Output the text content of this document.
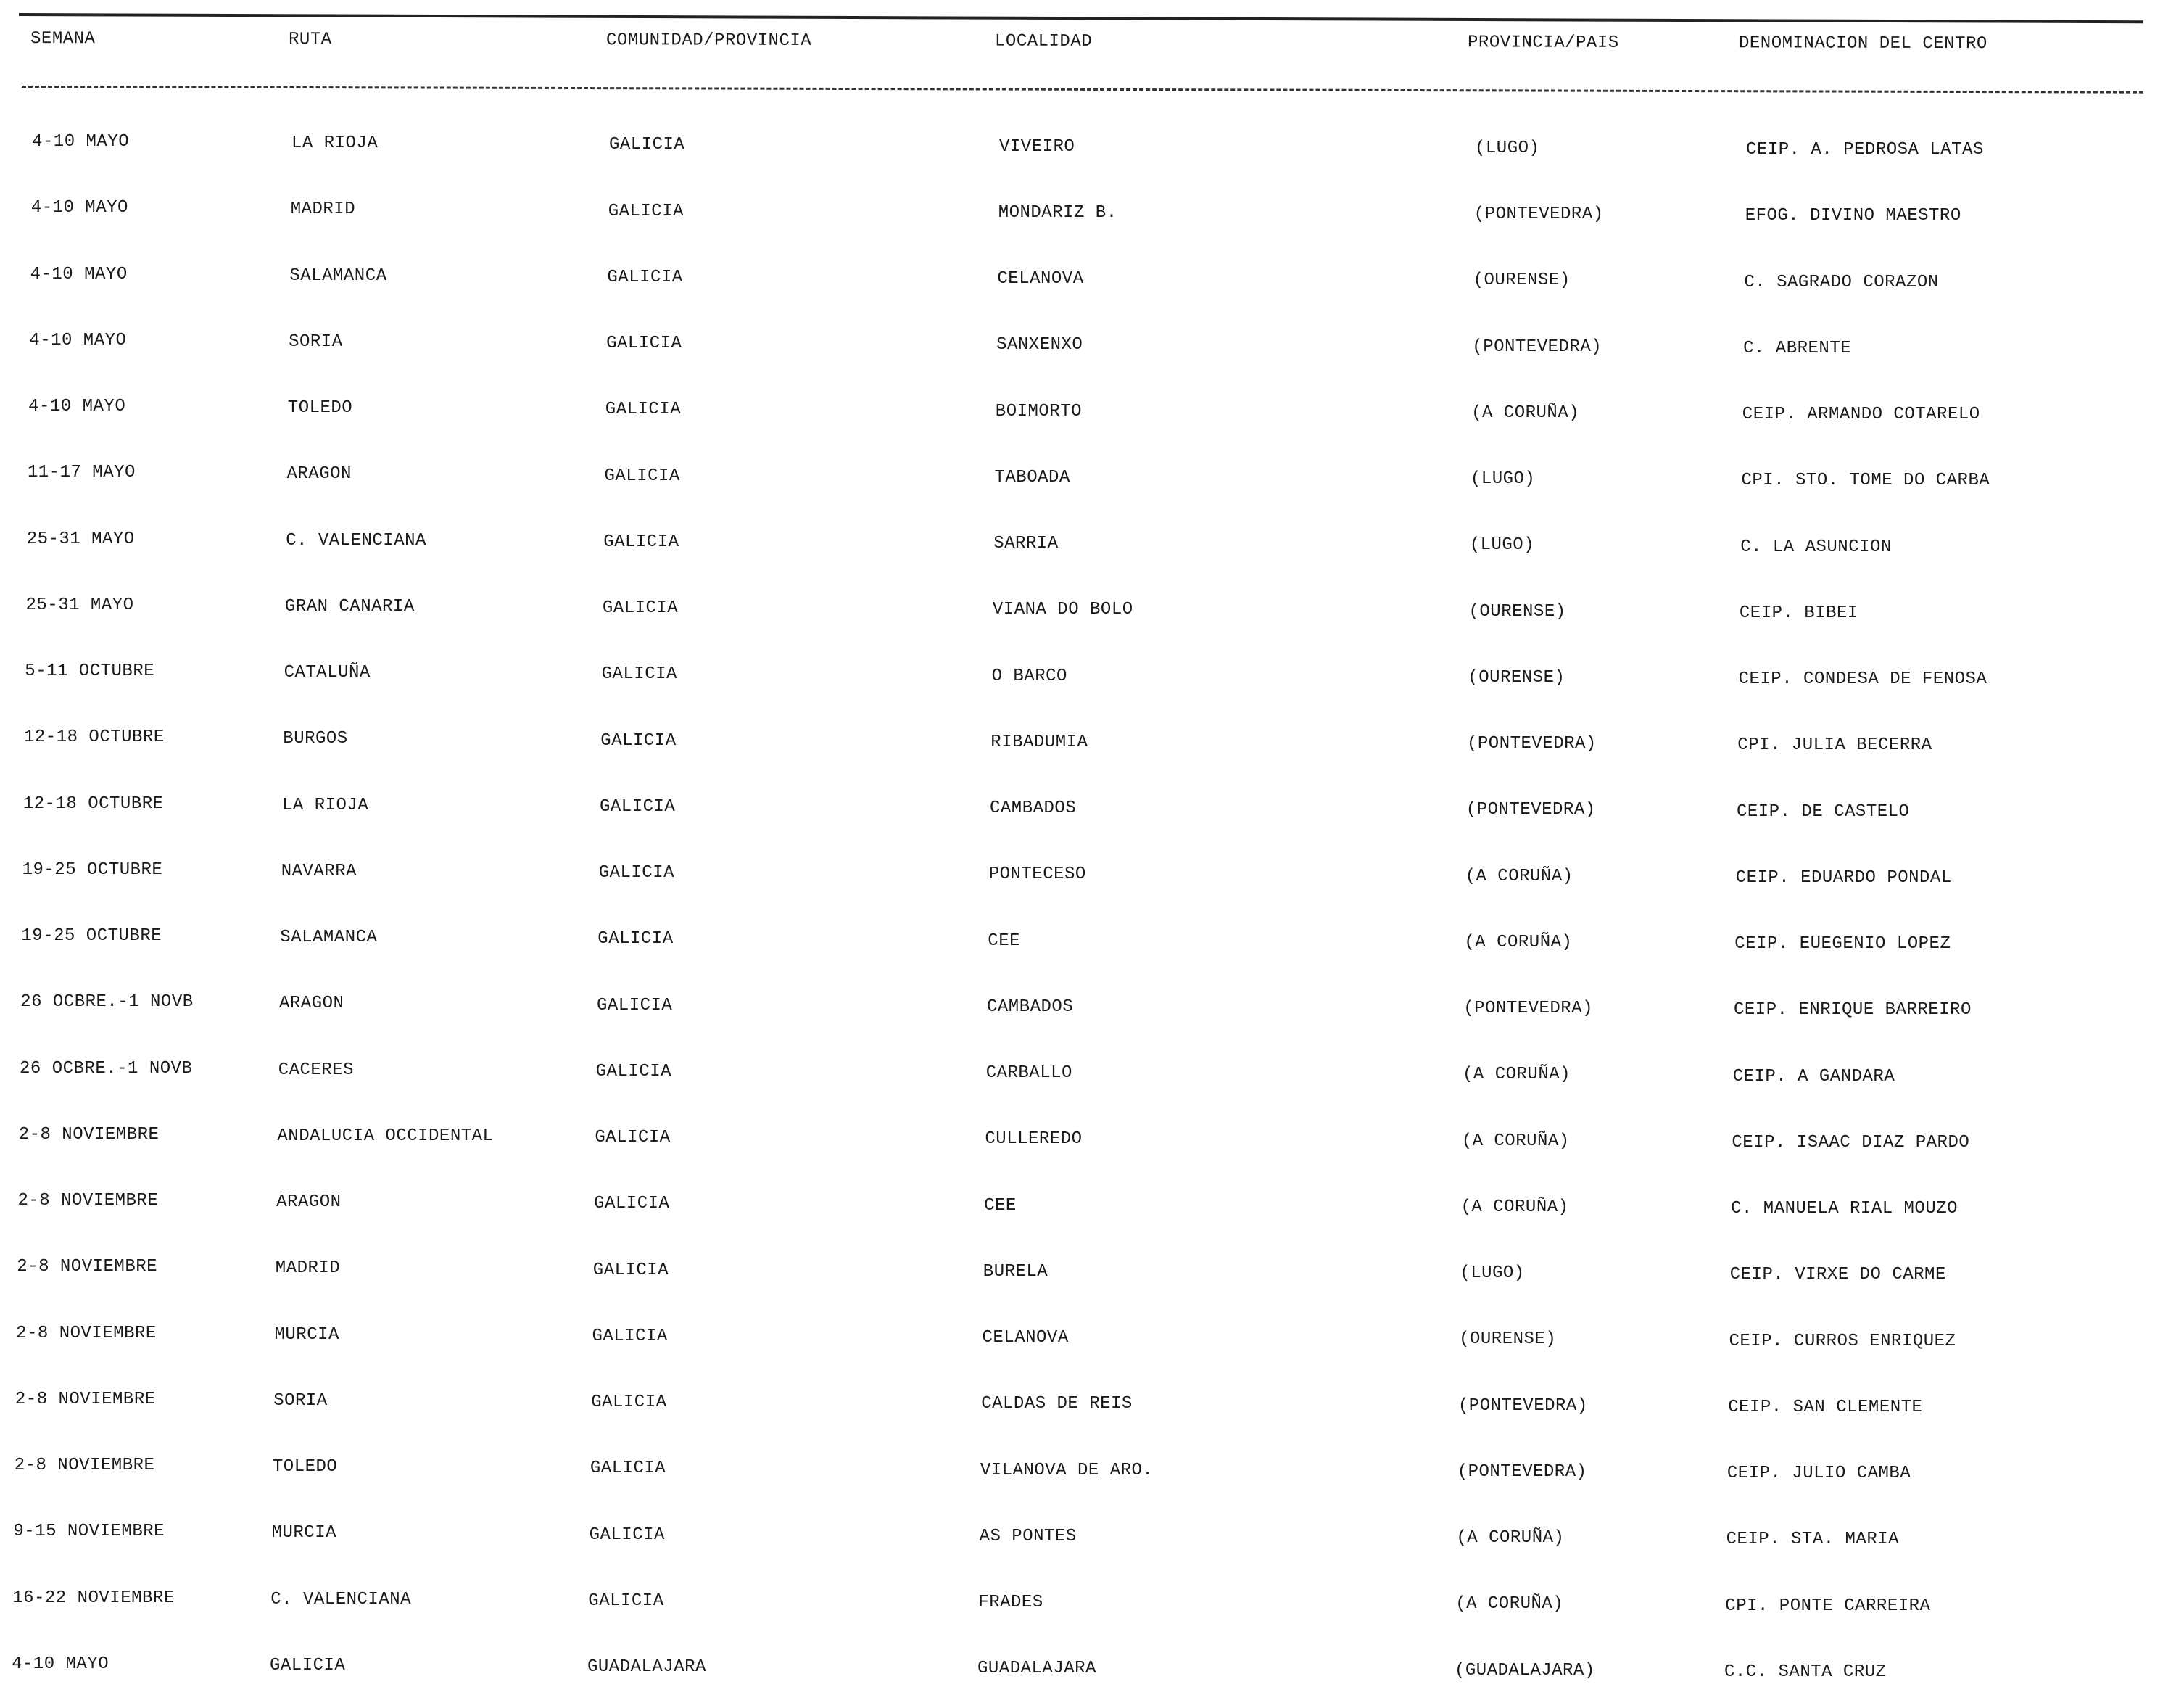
SEMANA	RUTA	COMUNIDAD/PROVINCIA	LOCALIDAD	PROVINCIA/PAIS	DENOMINACION DEL CENTRO
4-10 MAYO	LA RIOJA	GALICIA	VIVEIRO	(LUGO)	CEIP. A. PEDROSA LATAS
4-10 MAYO	MADRID	GALICIA	MONDARIZ B.	(PONTEVEDRA)	EFOG. DIVINO MAESTRO
4-10 MAYO	SALAMANCA	GALICIA	CELANOVA	(OURENSE)	C. SAGRADO CORAZON
4-10 MAYO	SORIA	GALICIA	SANXENXO	(PONTEVEDRA)	C. ABRENTE
4-10 MAYO	TOLEDO	GALICIA	BOIMORTO	(A CORUÑA)	CEIP. ARMANDO COTARELO
11-17 MAYO	ARAGON	GALICIA	TABOADA	(LUGO)	CPI. STO. TOME DO CARBA
25-31 MAYO	C. VALENCIANA	GALICIA	SARRIA	(LUGO)	C. LA ASUNCION
25-31 MAYO	GRAN CANARIA	GALICIA	VIANA DO BOLO	(OURENSE)	CEIP. BIBEI
5-11 OCTUBRE	CATALUÑA	GALICIA	O BARCO	(OURENSE)	CEIP. CONDESA DE FENOSA
12-18 OCTUBRE	BURGOS	GALICIA	RIBADUMIA	(PONTEVEDRA)	CPI. JULIA BECERRA
12-18 OCTUBRE	LA RIOJA	GALICIA	CAMBADOS	(PONTEVEDRA)	CEIP. DE CASTELO
19-25 OCTUBRE	NAVARRA	GALICIA	PONTECESO	(A CORUÑA)	CEIP. EDUARDO PONDAL
19-25 OCTUBRE	SALAMANCA	GALICIA	CEE	(A CORUÑA)	CEIP. EUEGENIO LOPEZ
26 OCBRE.-1 NOVB	ARAGON	GALICIA	CAMBADOS	(PONTEVEDRA)	CEIP. ENRIQUE BARREIRO
26 OCBRE.-1 NOVB	CACERES	GALICIA	CARBALLO	(A CORUÑA)	CEIP. A GANDARA
2-8 NOVIEMBRE	ANDALUCIA OCCIDENTAL	GALICIA	CULLEREDO	(A CORUÑA)	CEIP. ISAAC DIAZ PARDO
2-8 NOVIEMBRE	ARAGON	GALICIA	CEE	(A CORUÑA)	C. MANUELA RIAL MOUZO
2-8 NOVIEMBRE	MADRID	GALICIA	BURELA	(LUGO)	CEIP. VIRXE DO CARME
2-8 NOVIEMBRE	MURCIA	GALICIA	CELANOVA	(OURENSE)	CEIP. CURROS ENRIQUEZ
2-8 NOVIEMBRE	SORIA	GALICIA	CALDAS DE REIS	(PONTEVEDRA)	CEIP. SAN CLEMENTE
2-8 NOVIEMBRE	TOLEDO	GALICIA	VILANOVA DE ARO.	(PONTEVEDRA)	CEIP. JULIO CAMBA
9-15 NOVIEMBRE	MURCIA	GALICIA	AS PONTES	(A CORUÑA)	CEIP. STA. MARIA
16-22 NOVIEMBRE	C. VALENCIANA	GALICIA	FRADES	(A CORUÑA)	CPI. PONTE CARREIRA
4-10 MAYO	GALICIA	GUADALAJARA	GUADALAJARA	(GUADALAJARA)	C.C. SANTA CRUZ
